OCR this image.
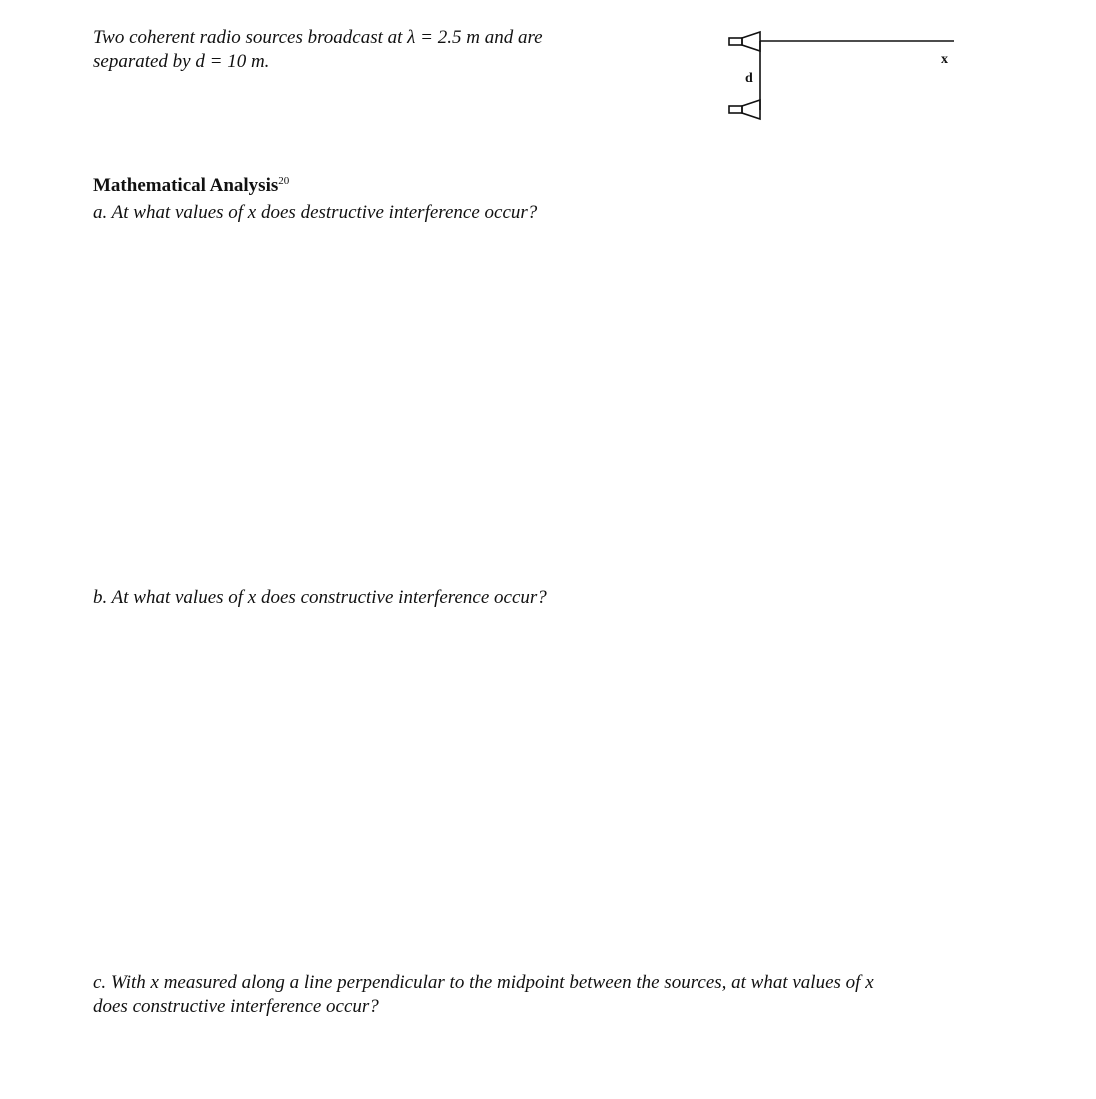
Two coherent radio sources broadcast at λ = 2.5 m and are

separated by d = 10 m.

d
x
Mathematical Analysis$^{20}$

a. At what values of x does destructive interference occur?

b. At what values of x does constructive interference occur?

c. With x measured along a line perpendicular to the midpoint between the sources, at what values of x

does constructive interference occur?
